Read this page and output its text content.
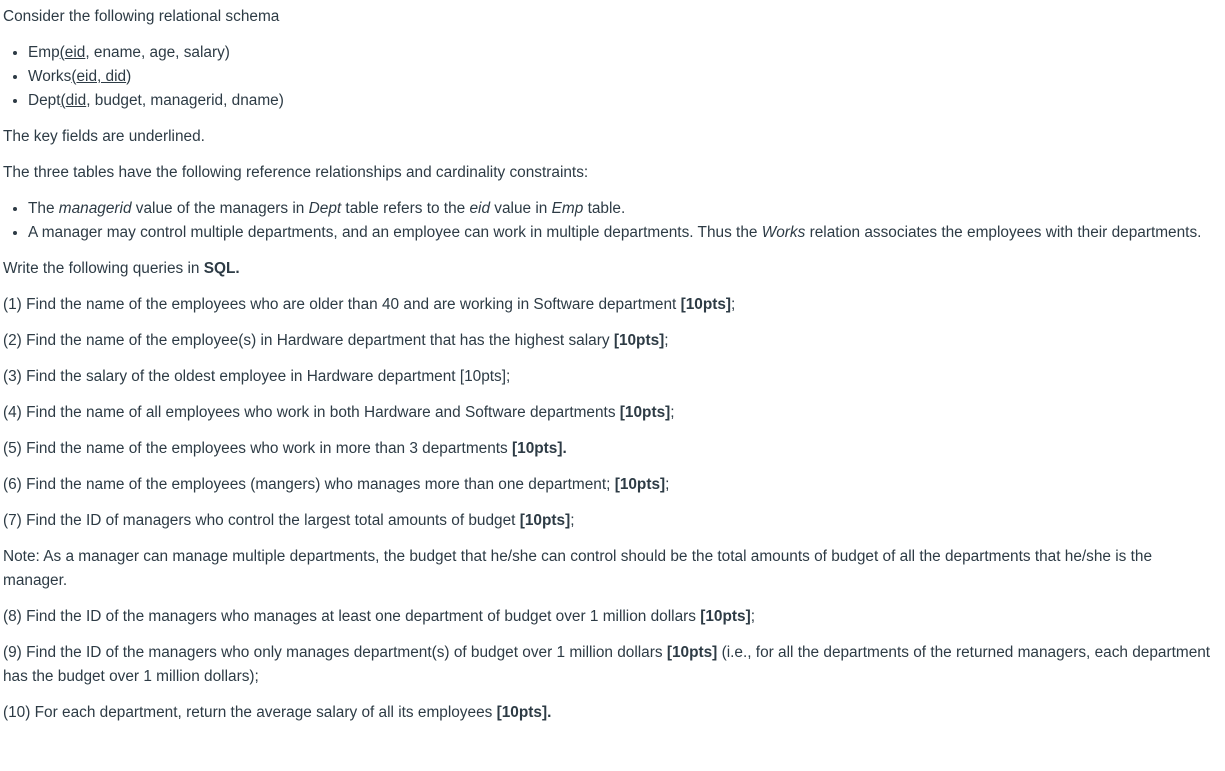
Consider the following relational schema

• Emp(eid, ename, age, salary)
• Works(eid, did)
• Dept(did, budget, managerid, dname)

The key fields are underlined.

The three tables have the following reference relationships and cardinality constraints:

• The managerid value of the managers in Dept table refers to the eid value in Emp table.
• A manager may control multiple departments, and an employee can work in multiple departments. Thus the Works relation associates the employees with their departments.

Write the following queries in SQL.

(1) Find the name of the employees who are older than 40 and are working in Software department [10pts];

(2) Find the name of the employee(s) in Hardware department that has the highest salary [10pts];

(3) Find the salary of the oldest employee in Hardware department [10pts];

(4) Find the name of all employees who work in both Hardware and Software departments [10pts];

(5) Find the name of the employees who work in more than 3 departments [10pts].

(6) Find the name of the employees (mangers) who manages more than one department; [10pts];

(7) Find the ID of managers who control the largest total amounts of budget [10pts];

Note: As a manager can manage multiple departments, the budget that he/she can control should be the total amounts of budget of all the departments that he/she is the manager.

(8) Find the ID of the managers who manages at least one department of budget over 1 million dollars [10pts];

(9) Find the ID of the managers who only manages department(s) of budget over 1 million dollars [10pts] (i.e., for all the departments of the returned managers, each department has the budget over 1 million dollars);

(10) For each department, return the average salary of all its employees [10pts].
